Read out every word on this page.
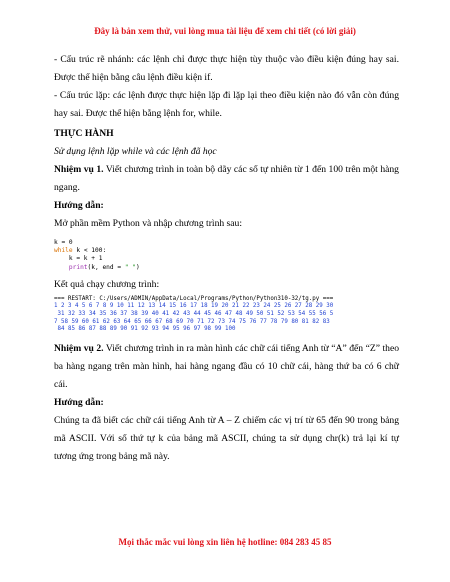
Đây là bản xem thử, vui lòng mua tài liệu để xem chi tiết (có lời giải)

- Cấu trúc rẽ nhánh: các lệnh chỉ được thực hiện tùy thuộc vào điều kiện đúng hay sai. Được thể hiện bằng câu lệnh điều kiện if.

- Cấu trúc lặp: các lệnh được thực hiện lặp đi lặp lại theo điều kiện nào đó vẫn còn đúng hay sai. Được thể hiện bằng lệnh for, while.

THỰC HÀNH

Sử dụng lệnh lặp while và các lệnh đã học

Nhiệm vụ 1. Viết chương trình in toàn bộ dãy các số tự nhiên từ 1 đến 100 trên một hàng ngang.

Hướng dẫn:

Mở phần mềm Python và nhập chương trình sau:

k = 0
while k < 100:
k = k + 1
print(k, end = " ")

Kết quả chạy chương trình:

=== RESTART: C:/Users/ADMIN/AppData/Local/Programs/Python/Python310-32/tg.py ===
1 2 3 4 5 6 7 8 9 10 11 12 13 14 15 16 17 18 19 20 21 22 23 24 25 26 27 28 29 30
31 32 33 34 35 36 37 38 39 40 41 42 43 44 45 46 47 48 49 50 51 52 53 54 55 56 5
7 58 59 60 61 62 63 64 65 66 67 68 69 70 71 72 73 74 75 76 77 78 79 80 81 82 83
84 85 86 87 88 89 90 91 92 93 94 95 96 97 98 99 100

Nhiệm vụ 2. Viết chương trình in ra màn hình các chữ cái tiếng Anh từ “A” đến “Z” theo ba hàng ngang trên màn hình, hai hàng ngang đầu có 10 chữ cái, hàng thứ ba có 6 chữ cái.

Hướng dẫn:

Chúng ta đã biết các chữ cái tiếng Anh từ A – Z chiếm các vị trí từ 65 đến 90 trong bảng mã ASCII. Với số thứ tự k của bảng mã ASCII, chúng ta sử dụng chr(k) trả lại kí tự tương ứng trong bảng mã này.

Mọi thắc mắc vui lòng xin liên hệ hotline: 084 283 45 85
